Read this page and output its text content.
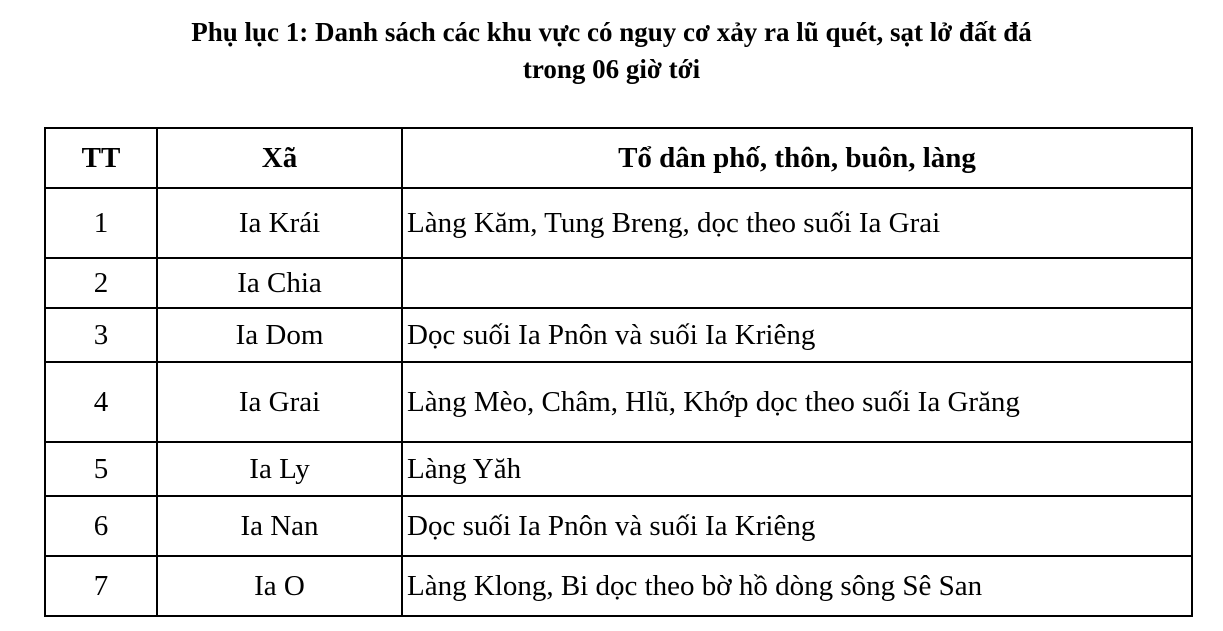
Phụ lục 1: Danh sách các khu vực có nguy cơ xảy ra lũ quét, sạt lở đất đá
trong 06 giờ tới
TT	Xã	Tổ dân phố, thôn, buôn, làng
1	Ia Krái	Làng Kăm, Tung Breng, dọc theo suối Ia Grai
2	Ia Chia	
3	Ia Dom	Dọc suối Ia Pnôn và suối Ia Kriêng
4	Ia Grai	Làng Mèo, Châm, Hlũ, Khớp dọc theo suối Ia Grăng
5	Ia Ly	Làng Yăh
6	Ia Nan	Dọc suối Ia Pnôn và suối Ia Kriêng
7	Ia O	Làng Klong, Bi dọc theo bờ hồ dòng sông Sê San
